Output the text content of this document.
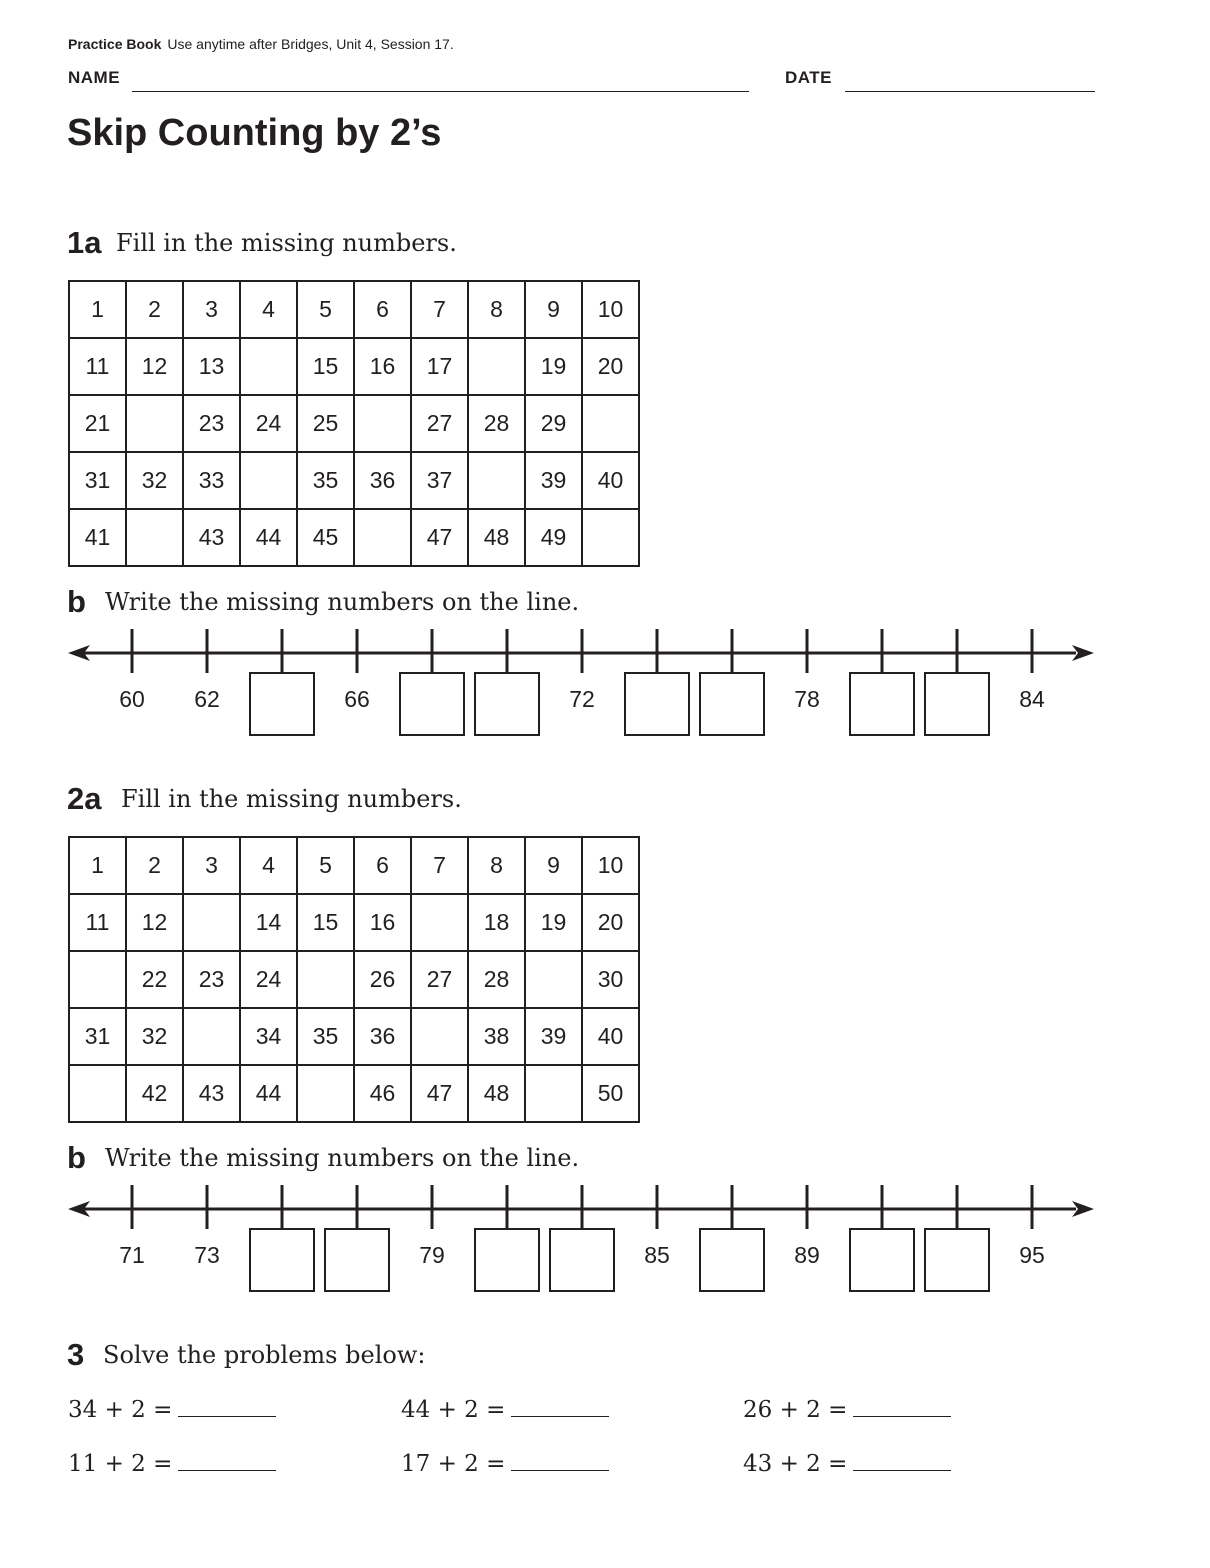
Practice Book Use anytime after Bridges, Unit 4, Session 17.
NAME	DATE
Skip Counting by 2’s
1a Fill in the missing numbers.
1	2	3	4	5	6	7	8	9	10
11	12	13		15	16	17		19	20
21		23	24	25		27	28	29	
31	32	33		35	36	37		39	40
41		43	44	45		47	48	49	
b Write the missing numbers on the line.
60 62	66	72	78	84
2a Fill in the missing numbers.
1	2	3	4	5	6	7	8	9	10
11	12		14	15	16		18	19	20
	22	23	24		26	27	28		30
31	32		34	35	36		38	39	40
	42	43	44		46	47	48		50
b Write the missing numbers on the line.
71 73	79	85	89	95
3 Solve the problems below:
34 + 2 =	44 + 2 =	26 + 2 =
11 + 2 =	17 + 2 =	43 + 2 =
